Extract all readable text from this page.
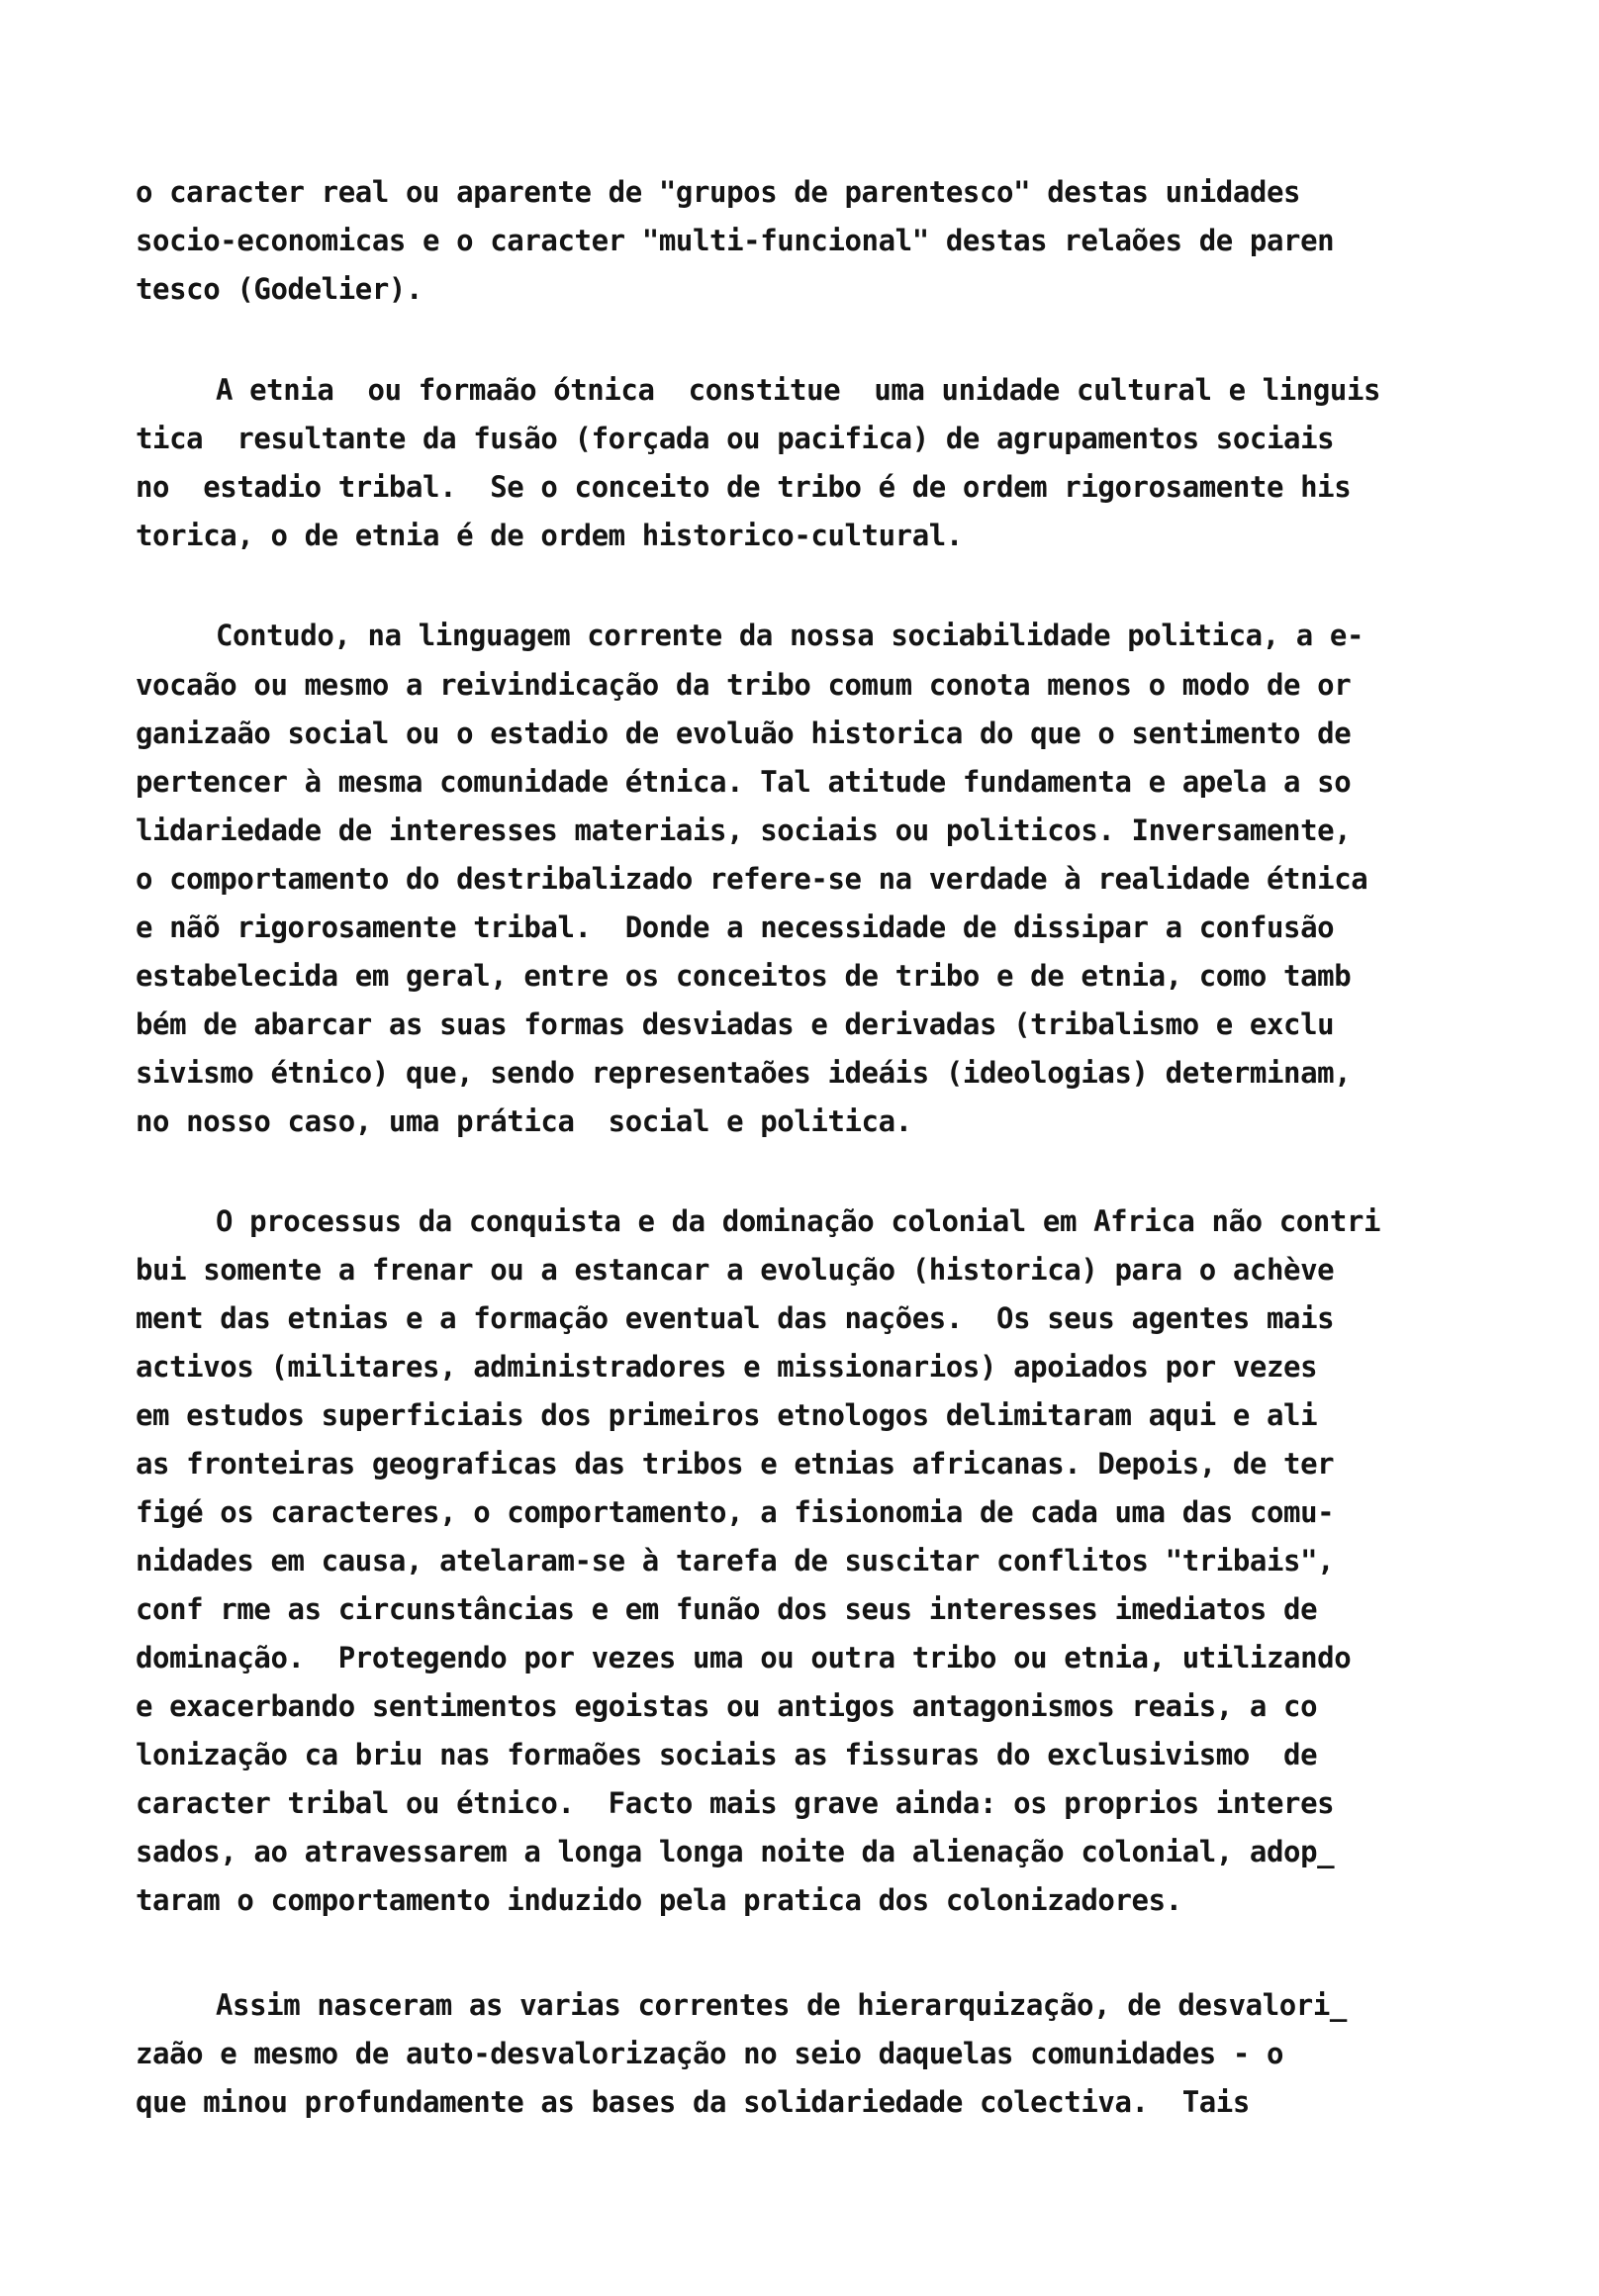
o caracter real ou aparente de "grupos de parentesco" destas unidades
socio-economicas e o caracter "multi-funcional" destas relaões de paren
tesco (Godelier).
A etnia  ou formaão ótnica  constitue  uma unidade cultural e linguis
tica  resultante da fusão (forçada ou pacifica) de agrupamentos sociais
no  estadio tribal.  Se o conceito de tribo é de ordem rigorosamente his
torica, o de etnia é de ordem historico-cultural.
Contudo, na linguagem corrente da nossa sociabilidade politica, a e-
vocaão ou mesmo a reivindicação da tribo comum conota menos o modo de or
ganizaão social ou o estadio de evoluão historica do que o sentimento de
pertencer à mesma comunidade étnica. Tal atitude fundamenta e apela a so
lidariedade de interesses materiais, sociais ou politicos. Inversamente,
o comportamento do destribalizado refere-se na verdade à realidade étnica
e nãõ rigorosamente tribal.  Donde a necessidade de dissipar a confusão
estabelecida em geral, entre os conceitos de tribo e de etnia, como tamb
bém de abarcar as suas formas desviadas e derivadas (tribalismo e exclu
sivismo étnico) que, sendo representaões ideáis (ideologias) determinam,
no nosso caso, uma prática  social e politica.
O processus da conquista e da dominação colonial em Africa não contri
bui somente a frenar ou a estancar a evolução (historica) para o achève
ment das etnias e a formação eventual das nações.  Os seus agentes mais
activos (militares, administradores e missionarios) apoiados por vezes
em estudos superficiais dos primeiros etnologos delimitaram aqui e ali
as fronteiras geograficas das tribos e etnias africanas. Depois, de ter
figé os caracteres, o comportamento, a fisionomia de cada uma das comu-
nidades em causa, atelaram-se à tarefa de suscitar conflitos "tribais",
conf rme as circunstâncias e em funão dos seus interesses imediatos de
dominação.  Protegendo por vezes uma ou outra tribo ou etnia, utilizando
e exacerbando sentimentos egoistas ou antigos antagonismos reais, a co
lonização ca briu nas formaões sociais as fissuras do exclusivismo  de
caracter tribal ou étnico.  Facto mais grave ainda: os proprios interes
sados, ao atravessarem a longa longa noite da alienação colonial, adop_
taram o comportamento induzido pela pratica dos colonizadores.
Assim nasceram as varias correntes de hierarquização, de desvalori_
zaão e mesmo de auto-desvalorização no seio daquelas comunidades - o
que minou profundamente as bases da solidariedade colectiva.  Tais
